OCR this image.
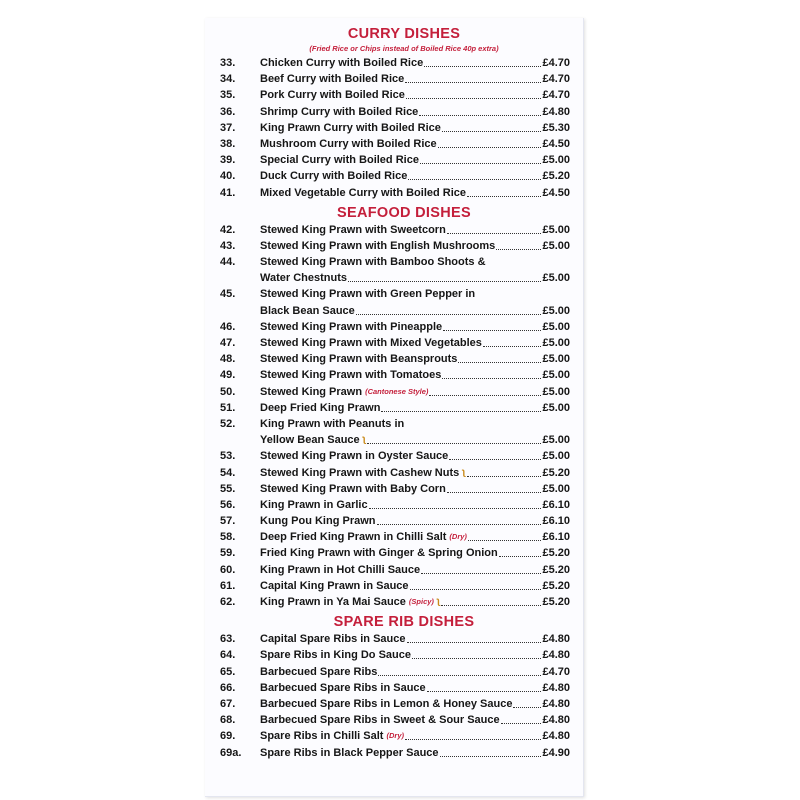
CURRY DISHES
(Fried Rice or Chips instead of Boiled Rice 40p extra)
33.	Chicken Curry with Boiled Rice	£4.70
34.	Beef Curry with Boiled Rice	£4.70
35.	Pork Curry with Boiled Rice	£4.70
36.	Shrimp Curry with Boiled Rice	£4.80
37.	King Prawn Curry with Boiled Rice	£5.30
38.	Mushroom Curry with Boiled Rice	£4.50
39.	Special Curry with Boiled Rice	£5.00
40.	Duck Curry with Boiled Rice	£5.20
41.	Mixed Vegetable Curry with Boiled Rice	£4.50
SEAFOOD DISHES
42.	Stewed King Prawn with Sweetcorn	£5.00
43.	Stewed King Prawn with English Mushrooms	£5.00
44.	Stewed King Prawn with Bamboo Shoots &
Water Chestnuts	£5.00
45.	Stewed King Prawn with Green Pepper in
Black Bean Sauce	£5.00
46.	Stewed King Prawn with Pineapple	£5.00
47.	Stewed King Prawn with Mixed Vegetables	£5.00
48.	Stewed King Prawn with Beansprouts	£5.00
49.	Stewed King Prawn with Tomatoes	£5.00
50.	Stewed King Prawn (Cantonese Style)	£5.00
51.	Deep Fried King Prawn	£5.00
52.	King Prawn with Peanuts in
Yellow Bean Sauce ʅ	£5.00
53.	Stewed King Prawn in Oyster Sauce	£5.00
54.	Stewed King Prawn with Cashew Nuts ʅ	£5.20
55.	Stewed King Prawn with Baby Corn	£5.00
56.	King Prawn in Garlic	£6.10
57.	Kung Pou King Prawn	£6.10
58.	Deep Fried King Prawn in Chilli Salt (Dry)	£6.10
59.	Fried King Prawn with Ginger & Spring Onion	£5.20
60.	King Prawn in Hot Chilli Sauce	£5.20
61.	Capital King Prawn in Sauce	£5.20
62.	King Prawn in Ya Mai Sauce (Spicy) ʅ	£5.20
SPARE RIB DISHES
63.	Capital Spare Ribs in Sauce	£4.80
64.	Spare Ribs in King Do Sauce	£4.80
65.	Barbecued Spare Ribs	£4.70
66.	Barbecued Spare Ribs in Sauce	£4.80
67.	Barbecued Spare Ribs in Lemon & Honey Sauce	£4.80
68.	Barbecued Spare Ribs in Sweet & Sour Sauce	£4.80
69.	Spare Ribs in Chilli Salt (Dry)	£4.80
69a.	Spare Ribs in Black Pepper Sauce	£4.90
